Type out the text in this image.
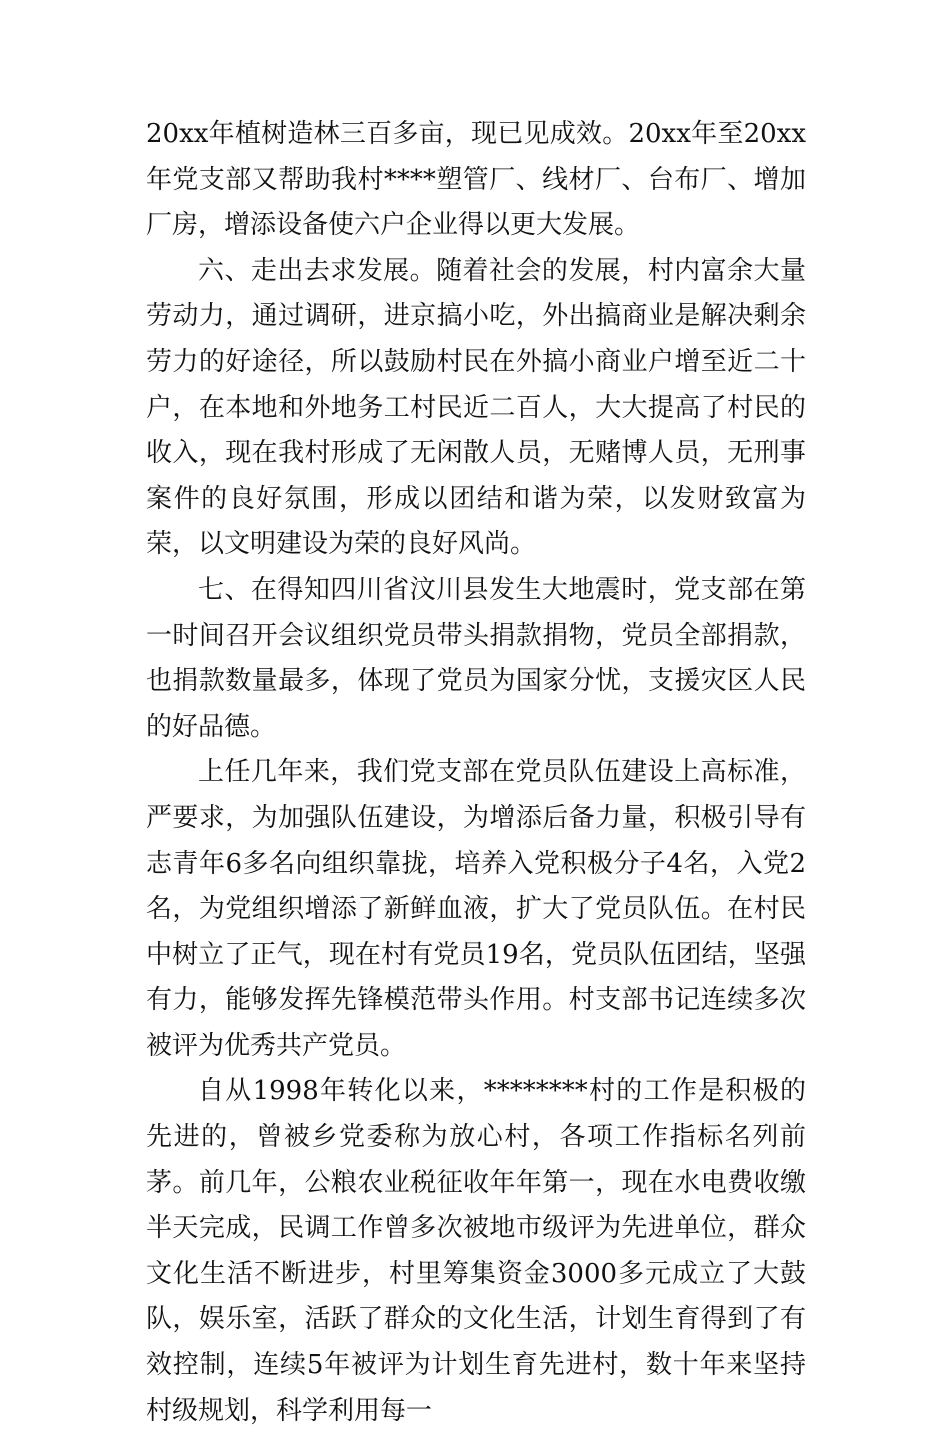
20xx年植树造林三百多亩，现已见成效。20xx年至20xx年党支部又帮助我村****塑管厂、线材厂、台布厂、增加厂房，增添设备使六户企业得以更大发展。

六、走出去求发展。随着社会的发展，村内富余大量劳动力，通过调研，进京搞小吃，外出搞商业是解决剩余劳力的好途径，所以鼓励村民在外搞小商业户增至近二十户，在本地和外地务工村民近二百人，大大提高了村民的收入，现在我村形成了无闲散人员，无赌博人员，无刑事案件的良好氛围，形成以团结和谐为荣，以发财致富为荣，以文明建设为荣的良好风尚。

七、在得知四川省汶川县发生大地震时，党支部在第一时间召开会议组织党员带头捐款捐物，党员全部捐款，也捐款数量最多，体现了党员为国家分忧，支援灾区人民的好品德。

上任几年来，我们党支部在党员队伍建设上高标准，严要求，为加强队伍建设，为增添后备力量，积极引导有志青年6多名向组织靠拢，培养入党积极分子4名，入党2名，为党组织增添了新鲜血液，扩大了党员队伍。在村民中树立了正气，现在村有党员19名，党员队伍团结，坚强有力，能够发挥先锋模范带头作用。村支部书记连续多次被评为优秀共产党员。

自从1998年转化以来，********村的工作是积极的先进的，曾被乡党委称为放心村，各项工作指标名列前茅。前几年，公粮农业税征收年年第一，现在水电费收缴半天完成，民调工作曾多次被地市级评为先进单位，群众文化生活不断进步，村里筹集资金3000多元成立了大鼓队，娱乐室，活跃了群众的文化生活，计划生育得到了有效控制，连续5年被评为计划生育先进村，数十年来坚持村级规划，科学利用每一
